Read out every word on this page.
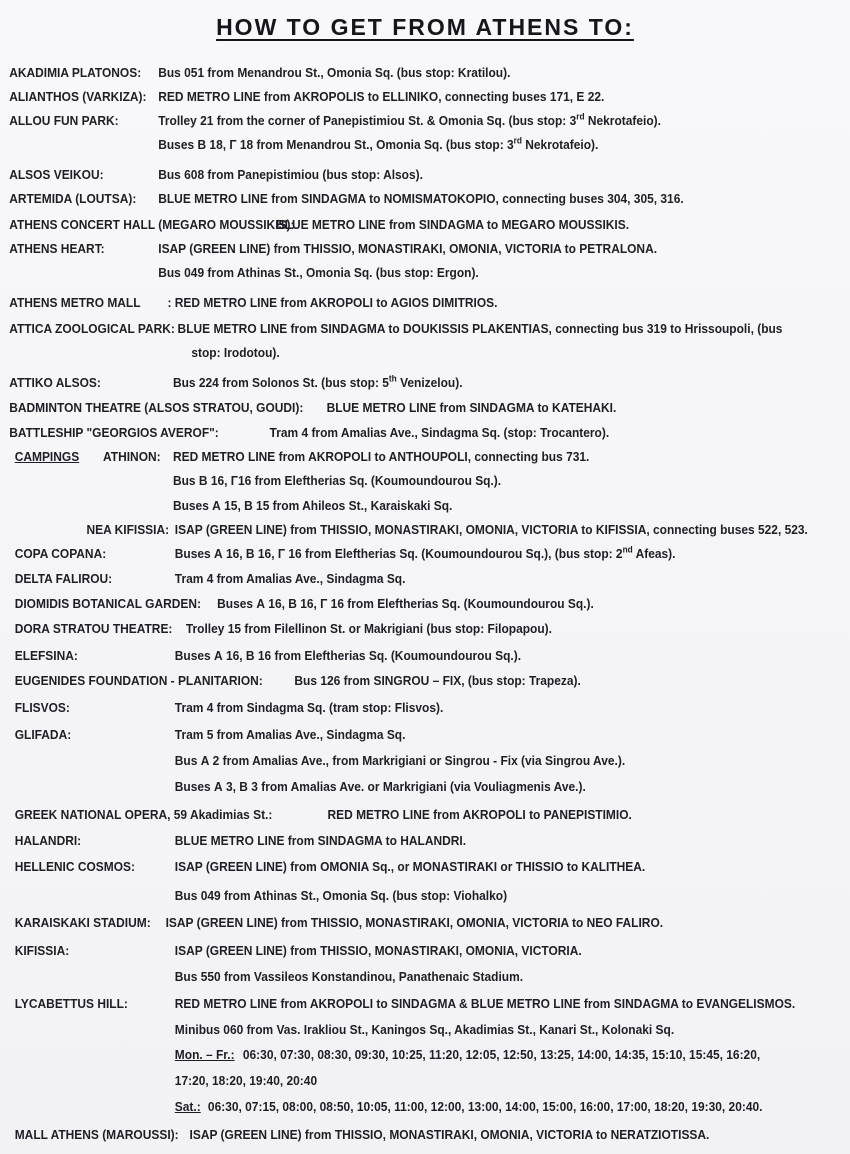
HOW TO GET FROM ATHENS TO:
AKADIMIA PLATONOS: Bus 051 from Menandrou St., Omonia Sq. (bus stop: Kratilou).
ALIANTHOS (VARKIZA): RED METRO LINE from AKROPOLIS to ELLINIKO, connecting buses 171, Ε 22.
ALLOU FUN PARK:	Trolley 21 from the corner of Panepistimiou St. & Omonia Sq. (bus stop: 3rd Nekrotafeio).
Buses Β 18, Γ 18 from Menandrou St., Omonia Sq. (bus stop: 3rd Nekrotafeio).
ALSOS VEIKOU:	Bus 608 from Panepistimiou (bus stop: Alsos).
ARTEMIDA (LOUTSA): BLUE METRO LINE from SINDAGMA to NOMISMATOKOPIO, connecting buses 304, 305, 316.
ATHENS CONCERT HALL (MEGARO MOUSSIKIS):
BLUE METRO LINE from SINDAGMA to MEGARO MOUSSIKIS.
ATHENS HEART:	ISAP (GREEN LINE) from THISSIO, MONASTIRAKI, OMONIA, VICTORIA to PETRALONA.
Bus 049 from Athinas St., Omonia Sq. (bus stop: Ergon).
ATHENS METRO MALL : RED METRO LINE from AKROPOLI to AGIOS DIMITRIOS.
ATTICA ZOOLOGICAL PARK: BLUE METRO LINE from SINDAGMA to DOUKISSIS PLAKENTIAS, connecting bus 319 to Hrissoupoli, (bus
stop: Irodotou).
ATTIKO ALSOS:	Bus 224 from Solonos St. (bus stop: 5th Venizelou).
BADMINTON THEATRE (ALSOS STRATOU, GOUDI): BLUE METRO LINE from SINDAGMA to KATEHAKI.
BATTLESHIP "GEORGIOS AVEROF":	Tram 4 from Amalias Ave., Sindagma Sq. (stop: Trocantero).
CAMPINGS ATHINON: RED METRO LINE from AKROPOLI to ANTHOUPOLI, connecting bus 731.
Bus Β 16, Γ16 from Eleftherias Sq. (Koumoundourou Sq.).
Buses Α 15, Β 15 from Ahileos St., Karaiskaki Sq.
NEA KIFISSIA: ISAP (GREEN LINE) from THISSIO, MONASTIRAKI, OMONIA, VICTORIA to KIFISSIA, connecting buses 522, 523.
COPA COPANA:	Buses Α 16, Β 16, Γ 16 from Eleftherias Sq. (Koumoundourou Sq.), (bus stop: 2nd Afeas).
DELTA FALIROU:	Tram 4 from Amalias Ave., Sindagma Sq.
DIOMIDIS BOTANICAL GARDEN: Buses Α 16, Β 16, Γ 16 from Eleftherias Sq. (Koumoundourou Sq.).
DORA STRATOU THEATRE: Trolley 15 from Filellinon St. or Makrigiani (bus stop: Filopapou).
ELEFSINA:	Buses Α 16, Β 16 from Eleftherias Sq. (Koumoundourou Sq.).
EUGENIDES FOUNDATION - PLANITARION: Bus 126 from SINGROU – FIX, (bus stop: Trapeza).
FLISVOS:	Tram 4 from Sindagma Sq. (tram stop: Flisvos).
GLIFADA:	Tram 5 from Amalias Ave., Sindagma Sq.
Bus Α 2 from Amalias Ave., from Markrigiani or Singrou - Fix (via Singrou Ave.).
Buses Α 3, Β 3 from Amalias Ave. or Markrigiani (via Vouliagmenis Ave.).
GREEK NATIONAL OPERA, 59 Akadimias St.:	RED METRO LINE from AKROPOLI to PANEPISTIMIO.
HALANDRI:	BLUE METRO LINE from SINDAGMA to HALANDRI.
HELLENIC COSMOS:	ISAP (GREEN LINE) from OMONIA Sq., or MONASTIRAKI or THISSIO to KALITHEA.
Bus 049 from Athinas St., Omonia Sq. (bus stop: Viohalko)
KARAISKAKI STADIUM: ISAP (GREEN LINE) from THISSIO, MONASTIRAKI, OMONIA, VICTORIA to NEO FALIRO.
KIFISSIA:	ISAP (GREEN LINE) from THISSIO, MONASTIRAKI, OMONIA, VICTORIA.
Bus 550 from Vassileos Konstandinou, Panathenaic Stadium.
LYCABETTUS HILL:	RED METRO LINE from AKROPOLI to SINDAGMA & BLUE METRO LINE from SINDAGMA to EVANGELISMOS.
Minibus 060 from Vas. Irakliou St., Kaningos Sq., Akadimias St., Kanari St., Kolonaki Sq.
Mon. – Fr.: 06:30, 07:30, 08:30, 09:30, 10:25, 11:20, 12:05, 12:50, 13:25, 14:00, 14:35, 15:10, 15:45, 16:20,
17:20, 18:20, 19:40, 20:40
Sat.: 06:30, 07:15, 08:00, 08:50, 10:05, 11:00, 12:00, 13:00, 14:00, 15:00, 16:00, 17:00, 18:20, 19:30, 20:40.
MALL ATHENS (MAROUSSI): ISAP (GREEN LINE) from THISSIO, MONASTIRAKI, OMONIA, VICTORIA to NERATZIOTISSA.
